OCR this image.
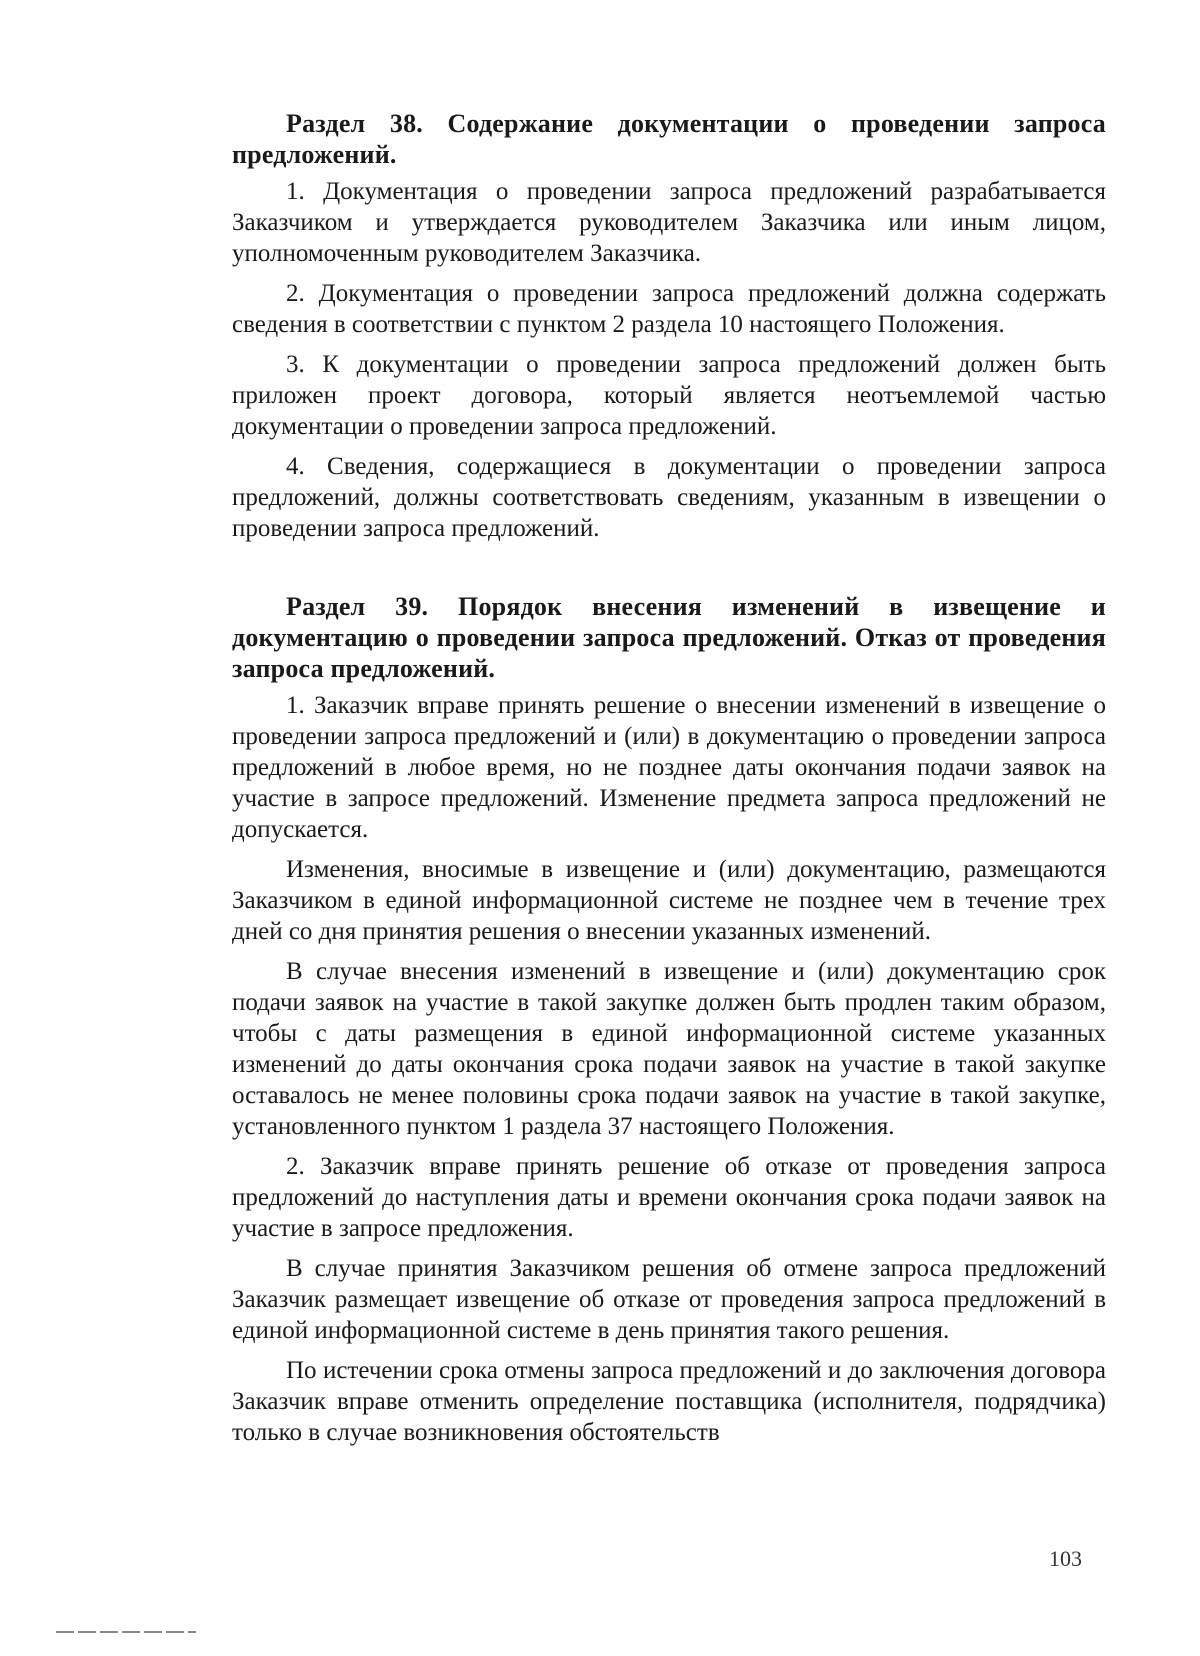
Раздел 38. Содержание документации о проведении запроса предложений.

1. Документация о проведении запроса предложений разрабатывается Заказчиком и утверждается руководителем Заказчика или иным лицом, уполномоченным руководителем Заказчика.

2. Документация о проведении запроса предложений должна содержать сведения в соответствии с пунктом 2 раздела 10 настоящего Положения.

3. К документации о проведении запроса предложений должен быть приложен проект договора, который является неотъемлемой частью документации о проведении запроса предложений.

4. Сведения, содержащиеся в документации о проведении запроса предложений, должны соответствовать сведениям, указанным в извещении о проведении запроса предложений.

Раздел 39. Порядок внесения изменений в извещение и документацию о проведении запроса предложений. Отказ от проведения запроса предложений.

1. Заказчик вправе принять решение о внесении изменений в извещение о проведении запроса предложений и (или) в документацию о проведении запроса предложений в любое время, но не позднее даты окончания подачи заявок на участие в запросе предложений. Изменение предмета запроса предложений не допускается.

Изменения, вносимые в извещение и (или) документацию, размещаются Заказчиком в единой информационной системе не позднее чем в течение трех дней со дня принятия решения о внесении указанных изменений.

В случае внесения изменений в извещение и (или) документацию срок подачи заявок на участие в такой закупке должен быть продлен таким образом, чтобы с даты размещения в единой информационной системе указанных изменений до даты окончания срока подачи заявок на участие в такой закупке оставалось не менее половины срока подачи заявок на участие в такой закупке, установленного пунктом 1 раздела 37 настоящего Положения.

2. Заказчик вправе принять решение об отказе от проведения запроса предложений до наступления даты и времени окончания срока подачи заявок на участие в запросе предложения.

В случае принятия Заказчиком решения об отмене запроса предложений Заказчик размещает извещение об отказе от проведения запроса предложений в единой информационной системе в день принятия такого решения.

По истечении срока отмены запроса предложений и до заключения договора Заказчик вправе отменить определение поставщика (исполнителя, подрядчика) только в случае возникновения обстоятельств

103
